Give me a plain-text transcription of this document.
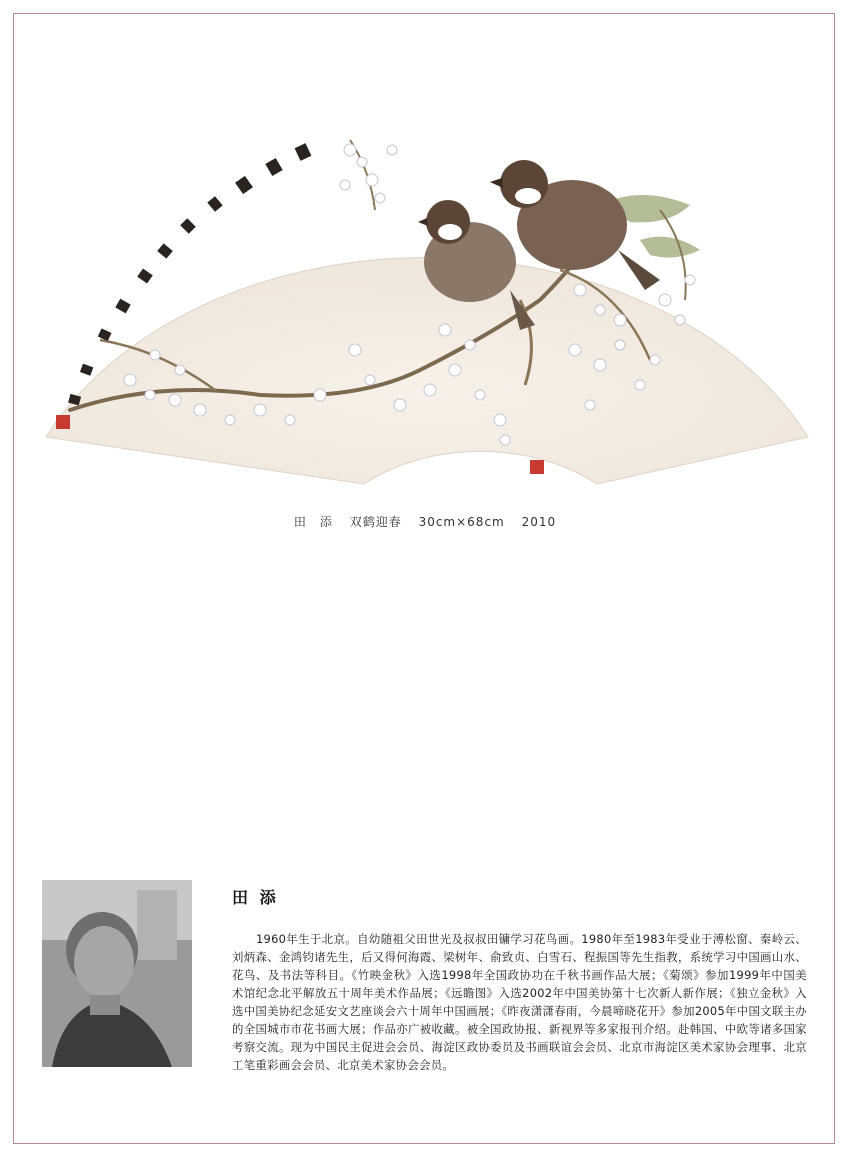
田　添 双鹤迎春 30cm×68cm 2010
田 添

1960年生于北京。自幼随祖父田世光及叔叔田镛学习花鸟画。1980年至1983年受业于溥松窗、秦岭云、刘炳森、金鸿钧诸先生，后又得何海霞、梁树年、俞致贞、白雪石、程振国等先生指教，系统学习中国画山水、花鸟、及书法等科目。《竹映金秋》入选1998年全国政协功在千秋书画作品大展；《菊颂》参加1999年中国美术馆纪念北平解放五十周年美术作品展；《远瞻图》入选2002年中国美协第十七次新人新作展；《独立金秋》入选中国美协纪念延安文艺座谈会六十周年中国画展；《昨夜潇潇春雨，今晨啼晓花开》参加2005年中国文联主办的全国城市市花书画大展；作品亦广被收藏。被全国政协报、新视界等多家报刊介绍。赴韩国、中欧等诸多国家考察交流。现为中国民主促进会会员、海淀区政协委员及书画联谊会会员、北京市海淀区美术家协会理事、北京工笔重彩画会会员、北京美术家协会会员。
